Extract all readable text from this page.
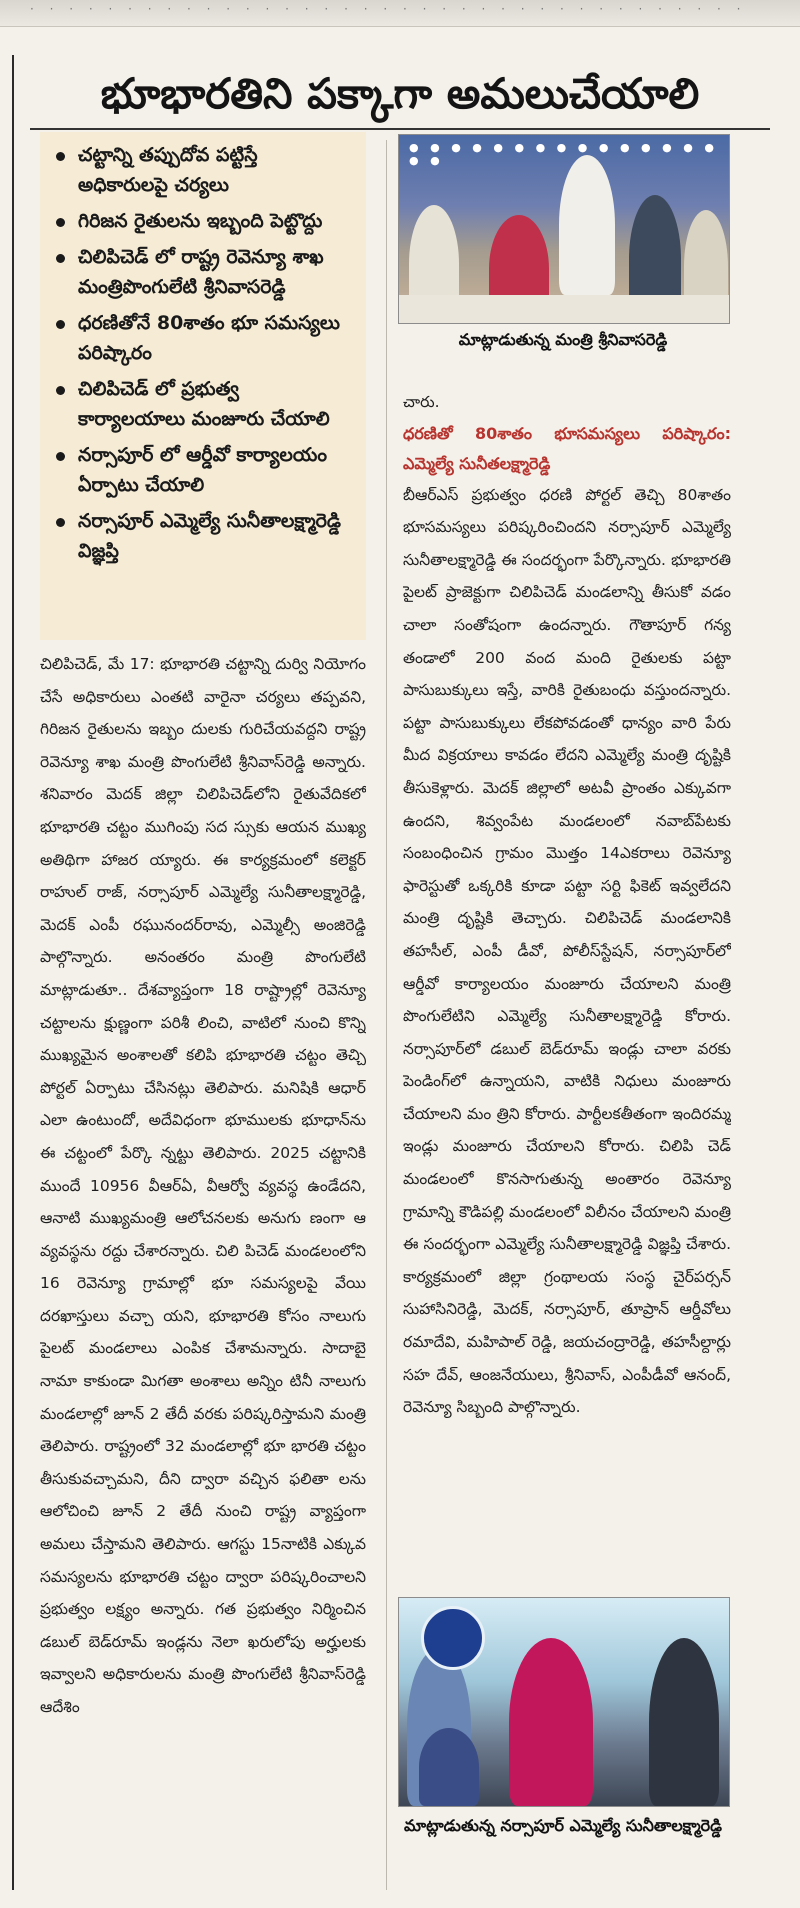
· · · · · · · · · · · · · · · · · · · · · · · · · · · · · · · · · · · · ·
భూభారతిని పక్కాగా అమలుచేయాలి
చట్టాన్ని తప్పుదోవ పట్టిస్తే అధికారులపై చర్యలు
గిరిజన రైతులను ఇబ్బంది పెట్టొద్దు
చిలిపిచెడ్ లో రాష్ట్ర రెవెన్యూ శాఖ మంత్రిపొంగులేటి శ్రీనివాసరెడ్డి
ధరణితోనే 80శాతం భూ సమస్యలు పరిష్కారం
చిలిపిచెడ్ లో ప్రభుత్వ కార్యాలయాలు మంజూరు చేయాలి
నర్సాపూర్ లో ఆర్డీవో కార్యాలయం ఏర్పాటు చేయాలి
నర్సాపూర్ ఎమ్మెల్యే సునీతాలక్ష్మారెడ్డి విజ్ఞప్తి

చిలిపిచెడ్, మే 17: భూభారతి చట్టాన్ని దుర్వి నియోగం చేసే అధికారులు ఎంతటి వారైనా చర్యలు తప్పవని, గిరిజన రైతులను ఇబ్బం దులకు గురిచేయవద్దని రాష్ట్ర రెవెన్యూ శాఖ మంత్రి పొంగులేటి శ్రీనివాస్‌రెడ్డి అన్నారు. శనివారం మెదక్ జిల్లా చిలిపిచెడ్‌లోని రైతువేదికలో భూభారతి చట్టం ముగింపు సద స్సుకు ఆయన ముఖ్య అతిథిగా హాజర య్యారు. ఈ కార్యక్రమంలో కలెక్టర్ రాహుల్ రాజ్, నర్సాపూర్ ఎమ్మెల్యే సునీతాలక్ష్మారెడ్డి, మెదక్ ఎంపీ రఘునందర్‌రావు, ఎమ్మెల్సీ అంజిరెడ్డి పాల్గొన్నారు. అనంతరం మంత్రి పొంగులేటి మాట్లాడుతూ.. దేశవ్యాప్తంగా 18 రాష్ట్రాల్లో రెవెన్యూ చట్టాలను క్షుణ్ణంగా పరిశీ లించి, వాటిలో నుంచి కొన్ని ముఖ్యమైన అంశాలతో కలిపి భూభారతి చట్టం తెచ్చి పోర్టల్ ఏర్పాటు చేసినట్లు తెలిపారు. మనిషికి ఆధార్ ఎలా ఉంటుందో, అదేవిధంగా భూములకు భూధాన్‌ను ఈ చట్టంలో పేర్కొ న్నట్టు తెలిపారు. 2025 చట్టానికి ముందే 10956 వీఆర్ఏ, వీఆర్వో వ్యవస్థ ఉండేదని, ఆనాటి ముఖ్యమంత్రి ఆలోచనలకు అనుగు ణంగా ఆ వ్యవస్థను రద్దు చేశారన్నారు. చిలి పిచెడ్ మండలంలోని 16 రెవెన్యూ గ్రామాల్లో భూ సమస్యలపై వేయి దరఖాస్తులు వచ్చా యని, భూభారతి కోసం నాలుగు పైలట్ మండలాలు ఎంపిక చేశామన్నారు. సాదాబై నామా కాకుండా మిగతా అంశాలు అన్నిం టినీ నాలుగు మండలాల్లో జూన్ 2 తేదీ వరకు పరిష్కరిస్తామని మంత్రి తెలిపారు. రాష్ట్రంలో 32 మండలాల్లో భూ భారతి చట్టం తీసుకువచ్చామని, దీని ద్వారా వచ్చిన ఫలితా లను ఆలోచించి జూన్ 2 తేదీ నుంచి రాష్ట్ర వ్యాప్తంగా అమలు చేస్తామని తెలిపారు. ఆగస్టు 15నాటికి ఎక్కువ సమస్యలను భూభారతి చట్టం ద్వారా పరిష్కరించాలని ప్రభుత్వం లక్ష్యం అన్నారు. గత ప్రభుత్వం నిర్మించిన డబుల్ బెడ్‌రూమ్ ఇండ్లను నెలా ఖరులోపు అర్హులకు ఇవ్వాలని అధికారులను మంత్రి పొంగులేటి శ్రీనివాస్‌రెడ్డి ఆదేశిం

● ● ● ● ● ● ● ● ● ● ● ● ● ● ● ● ●
మాట్లాడుతున్న మంత్రి శ్రీనివాసరెడ్డి

చారు.

ధరణితో 80శాతం భూసమస్యలు పరిష్కారం: ఎమ్మెల్యే సునీతలక్ష్మారెడ్డి

బీఆర్ఎస్ ప్రభుత్వం ధరణి పోర్టల్ తెచ్చి 80శాతం భూసమస్యలు పరిష్కరించిందని నర్సాపూర్ ఎమ్మెల్యే సునీతాలక్ష్మారెడ్డి ఈ సందర్భంగా పేర్కొన్నారు. భూభారతి పైలట్ ప్రాజెక్టుగా చిలిపిచెడ్ మండలాన్ని తీసుకో వడం చాలా సంతోషంగా ఉందన్నారు. గౌతాపూర్ గన్య తండాలో 200 వంద మంది రైతులకు పట్టా పాసుబుక్కులు ఇస్తే, వారికి రైతుబంధు వస్తుందన్నారు. పట్టా పాసుబుక్కులు లేకపోవడంతో ధాన్యం వారి పేరు మీద విక్రయాలు కావడం లేదని ఎమ్మెల్యే మంత్రి దృష్టికి తీసుకెళ్లారు. మెదక్ జిల్లాలో అటవీ ప్రాంతం ఎక్కువగా ఉందని, శివ్వంపేట మండలంలో నవాబ్‌పేటకు సంబంధించిన గ్రామం మొత్తం 14ఎకరాలు రెవెన్యూ ఫారెస్టుతో ఒక్కరికి కూడా పట్టా సర్టి ఫికెట్ ఇవ్వలేదని మంత్రి దృష్టికి తెచ్చారు. చిలిపిచెడ్ మండలానికి తహసీల్, ఎంపీ డీవో, పోలీస్‌స్టేషన్, నర్సాపూర్‌లో ఆర్డీవో కార్యాలయం మంజూరు చేయాలని మంత్రి పొంగులేటిని ఎమ్మెల్యే సునీతాలక్ష్మారెడ్డి కోరారు. నర్సాపూర్‌లో డబుల్ బెడ్‌రూమ్ ఇండ్లు చాలా వరకు పెండింగ్‌లో ఉన్నాయని, వాటికి నిధులు మంజూరు చేయాలని మం త్రిని కోరారు. పార్టీలకతీతంగా ఇందిరమ్మ ఇండ్లు మంజూరు చేయాలని కోరారు. చిలిపి చెడ్ మండలంలో కొనసాగుతున్న అంతారం రెవెన్యూ గ్రామాన్ని కౌడిపల్లి మండలంలో విలీనం చేయాలని మంత్రి ఈ సందర్భంగా ఎమ్మెల్యే సునీతాలక్ష్మారెడ్డి విజ్ఞప్తి చేశారు. కార్యక్రమంలో జిల్లా గ్రంథాలయ సంస్థ చైర్‌పర్సన్ సుహాసినిరెడ్డి, మెదక్, నర్సాపూర్, తూప్రాన్ ఆర్డీవోలు రమాదేవి, మహిపాల్ రెడ్డి, జయచంద్రారెడ్డి, తహసీల్దార్లు సహ దేవ్, ఆంజనేయులు, శ్రీనివాస్, ఎంపీడీవో ఆనంద్, రెవెన్యూ సిబ్బంది పాల్గొన్నారు.

మాట్లాడుతున్న నర్సాపూర్ ఎమ్మెల్యే సునీతాలక్ష్మారెడ్డి
